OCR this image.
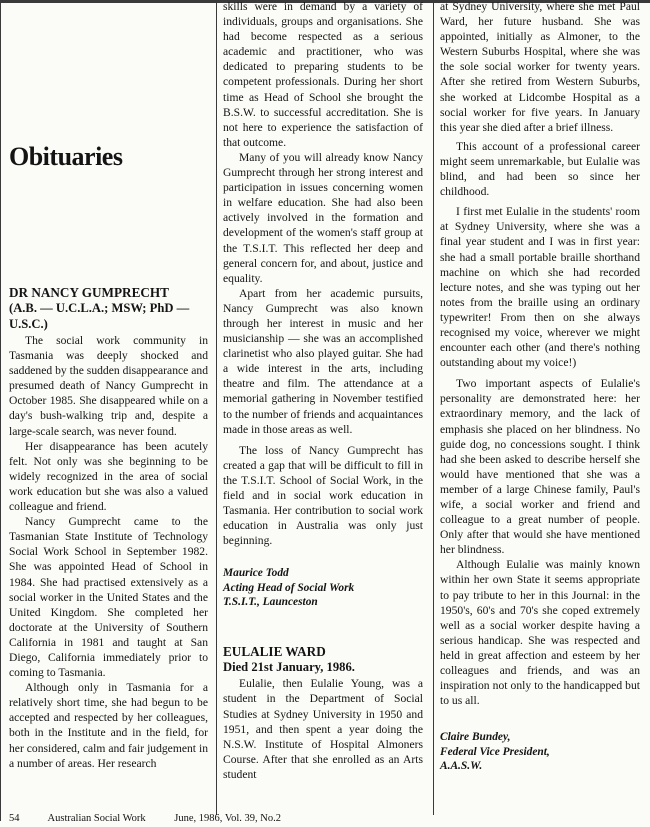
Obituaries
DR NANCY GUMPRECHT
(A.B. — U.C.L.A.; MSW; PhD — U.S.C.)

The social work community in Tasmania was deeply shocked and saddened by the sudden disappearance and presumed death of Nancy Gumprecht in October 1985. She disappeared while on a day's bush-walking trip and, despite a large-scale search, was never found.

Her disappearance has been acutely felt. Not only was she beginning to be widely recognized in the area of social work education but she was also a valued colleague and friend.

Nancy Gumprecht came to the Tasmanian State Institute of Technology Social Work School in September 1982. She was appointed Head of School in 1984. She had practised extensively as a social worker in the United States and the United Kingdom. She completed her doctorate at the University of Southern California in 1981 and taught at San Diego, California immediately prior to coming to Tasmania.

Although only in Tasmania for a relatively short time, she had begun to be accepted and respected by her colleagues, both in the Institute and in the field, for her considered, calm and fair judgement in a number of areas. Her research

skills were in demand by a variety of individuals, groups and organisations. She had become respected as a serious academic and practitioner, who was dedicated to preparing students to be competent professionals. During her short time as Head of School she brought the B.S.W. to successful accreditation. She is not here to experience the satisfaction of that outcome.

Many of you will already know Nancy Gumprecht through her strong interest and participation in issues concerning women in welfare education. She had also been actively involved in the formation and development of the women's staff group at the T.S.I.T. This reflected her deep and general concern for, and about, justice and equality.

Apart from her academic pursuits, Nancy Gumprecht was also known through her interest in music and her musicianship — she was an accomplished clarinetist who also played guitar. She had a wide interest in the arts, including theatre and film. The attendance at a memorial gathering in November testified to the number of friends and acquaintances made in those areas as well.

The loss of Nancy Gumprecht has created a gap that will be difficult to fill in the T.S.I.T. School of Social Work, in the field and in social work education in Tasmania. Her contribution to social work education in Australia was only just beginning.

Maurice Todd
Acting Head of Social Work
T.S.I.T., Launceston
EULALIE WARD
Died 21st January, 1986.

Eulalie, then Eulalie Young, was a student in the Department of Social Studies at Sydney University in 1950 and 1951, and then spent a year doing the N.S.W. Institute of Hospital Almoners Course. After that she enrolled as an Arts student

at Sydney University, where she met Paul Ward, her future husband. She was appointed, initially as Almoner, to the Western Suburbs Hospital, where she was the sole social worker for twenty years. After she retired from Western Suburbs, she worked at Lidcombe Hospital as a social worker for five years. In January this year she died after a brief illness.

This account of a professional career might seem unremarkable, but Eulalie was blind, and had been so since her childhood.

I first met Eulalie in the students' room at Sydney University, where she was a final year student and I was in first year: she had a small portable braille shorthand machine on which she had recorded lecture notes, and she was typing out her notes from the braille using an ordinary typewriter! From then on she always recognised my voice, wherever we might encounter each other (and there's nothing outstanding about my voice!)

Two important aspects of Eulalie's personality are demonstrated here: her extraordinary memory, and the lack of emphasis she placed on her blindness. No guide dog, no concessions sought. I think had she been asked to describe herself she would have mentioned that she was a member of a large Chinese family, Paul's wife, a social worker and friend and colleague to a great number of people. Only after that would she have mentioned her blindness.

Although Eulalie was mainly known within her own State it seems appropriate to pay tribute to her in this Journal: in the 1950's, 60's and 70's she coped extremely well as a social worker despite having a serious handicap. She was respected and held in great affection and esteem by her colleagues and friends, and was an inspiration not only to the handicapped but to us all.

Claire Bundey,
Federal Vice President,
A.A.S.W.
54	Australian Social Work	June, 1986, Vol. 39, No.2
